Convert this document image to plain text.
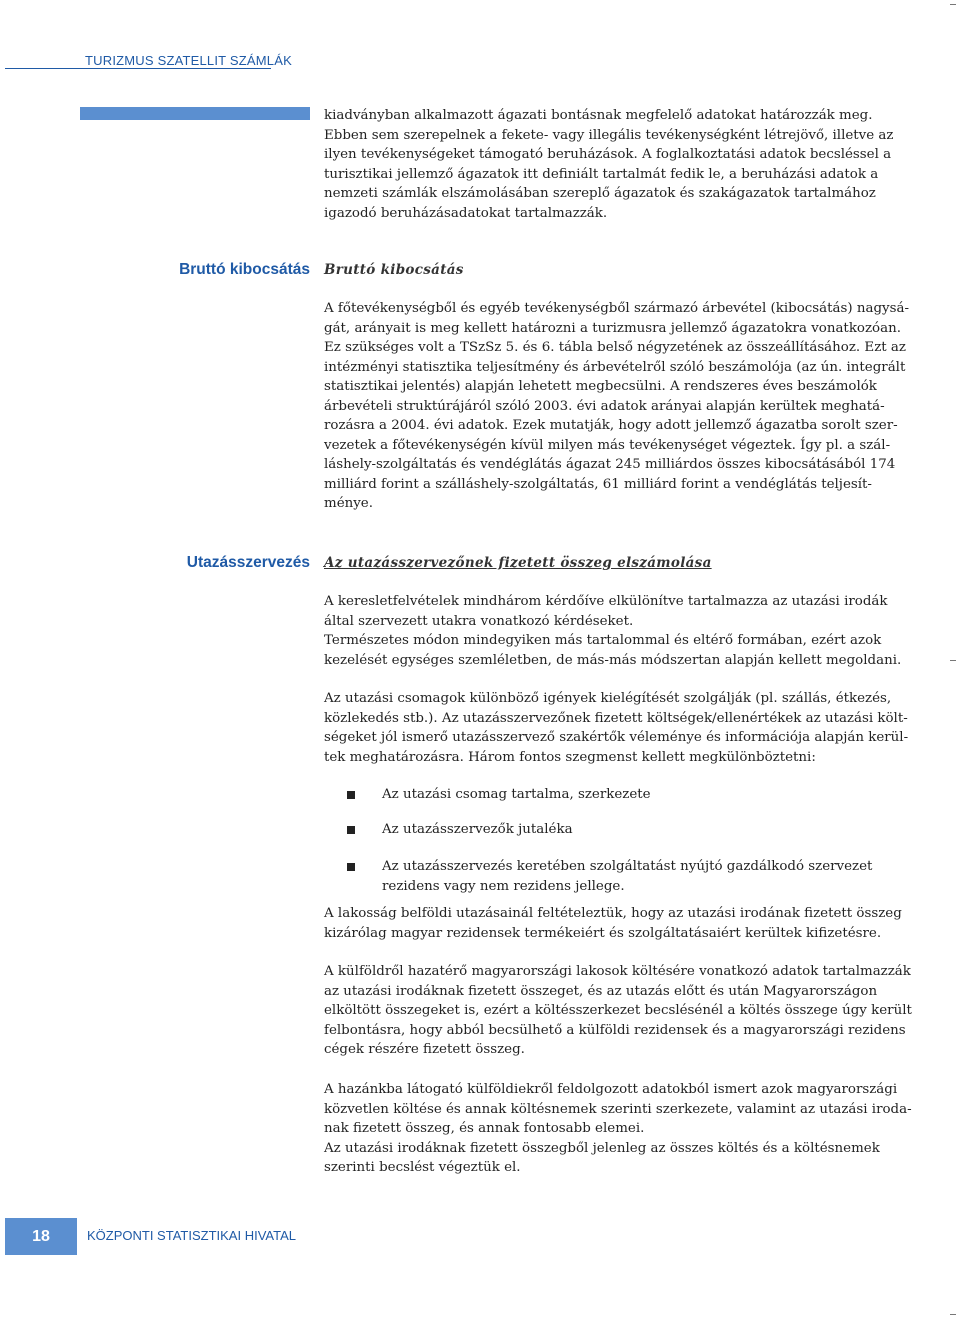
TURIZMUS SZATELLIT SZÁMLÁK

kiadványban alkalmazott ágazati bontásnak megfelelő adatokat határozzák meg.
Ebben sem szerepelnek a fekete- vagy illegális tevékenységként létrejövő, illetve az
ilyen tevékenységeket támogató beruházások. A foglalkoztatási adatok becsléssel a
turisztikai jellemző ágazatok itt definiált tartalmát fedik le, a beruházási adatok a
nemzeti számlák elszámolásában szereplő ágazatok és szakágazatok tartalmához
igazodó beruházásadatokat tartalmazzák.

Bruttó kibocsátás Bruttó kibocsátás

A főtevékenységből és egyéb tevékenységből származó árbevétel (kibocsátás) nagysá-
gát, arányait is meg kellett határozni a turizmusra jellemző ágazatokra vonatkozóan.
Ez szükséges volt a TSzSz 5. és 6. tábla belső négyzetének az összeállításához. Ezt az
intézményi statisztika teljesítmény és árbevételről szóló beszámolója (az ún. integrált
statisztikai jelentés) alapján lehetett megbecsülni. A rendszeres éves beszámolók
árbevételi struktúrájáról szóló 2003. évi adatok arányai alapján kerültek meghatá-
rozásra a 2004. évi adatok. Ezek mutatják, hogy adott jellemző ágazatba sorolt szer-
vezetek a főtevékenységén kívül milyen más tevékenységet végeztek. Így pl. a szál-
láshely-szolgáltatás és vendéglátás ágazat 245 milliárdos összes kibocsátásából 174
milliárd forint a szálláshely-szolgáltatás, 61 milliárd forint a vendéglátás teljesít-
ménye.

Utazásszervezés Az utazásszervezőnek fizetett összeg elszámolása

A keresletfelvételek mindhárom kérdőíve elkülönítve tartalmazza az utazási irodák
által szervezett utakra vonatkozó kérdéseket.
Természetes módon mindegyiken más tartalommal és eltérő formában, ezért azok
kezelését egységes szemléletben, de más-más módszertan alapján kellett megoldani.

Az utazási csomagok különböző igények kielégítését szolgálják (pl. szállás, étkezés,
közlekedés stb.). Az utazásszervezőnek fizetett költségek/ellenértékek az utazási költ-
ségeket jól ismerő utazásszervező szakértők véleménye és információja alapján kerül-
tek meghatározásra. Három fontos szegmenst kellett megkülönböztetni:

Az utazási csomag tartalma, szerkezete
Az utazásszervezők jutaléka
Az utazásszervezés keretében szolgáltatást nyújtó gazdálkodó szervezet rezidens vagy nem rezidens jellege.

A lakosság belföldi utazásainál feltételeztük, hogy az utazási irodának fizetett összeg
kizárólag magyar rezidensek termékeiért és szolgáltatásaiért kerültek kifizetésre.

A külföldről hazatérő magyarországi lakosok költésére vonatkozó adatok tartalmazzák
az utazási irodáknak fizetett összeget, és az utazás előtt és után Magyarországon
elköltött összegeket is, ezért a költésszerkezet becslésénél a költés összege úgy került
felbontásra, hogy abból becsülhető a külföldi rezidensek és a magyarországi rezidens
cégek részére fizetett összeg.

A hazánkba látogató külföldiekről feldolgozott adatokból ismert azok magyarországi
közvetlen költése és annak költésnemek szerinti szerkezete, valamint az utazási iroda-
nak fizetett összeg, és annak fontosabb elemei.
Az utazási irodáknak fizetett összegből jelenleg az összes költés és a költésnemek
szerinti becslést végeztük el.

18	KÖZPONTI STATISZTIKAI HIVATAL
